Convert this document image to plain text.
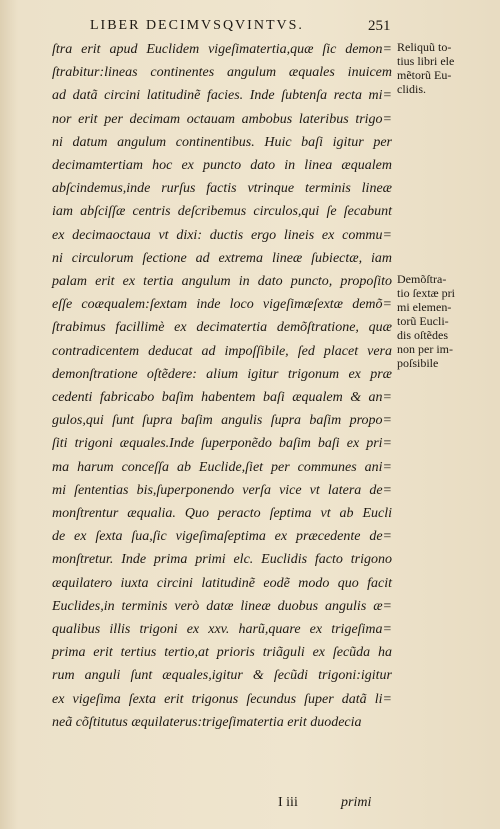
LIBER DECIMVSQVINTVS.	251
ſtra erit apud Euclidem vigeſimatertia,quæ ſic demon=
ſtrabitur:lineas continentes angulum æquales inuicem
ad datã circini latitudinẽ facies. Inde ſubtenſa recta mi=
nor erit per decimam octauam ambobus lateribus trigo=
ni datum angulum continentibus. Huic baſi igitur per
decimamtertiam hoc ex puncto dato in linea æqualem
abſcindemus,inde rurſus factis vtrinque terminis lineæ
iam abſciſſæ centris deſcribemus circulos,qui ſe ſecabunt
ex decimaoctaua vt dixi: ductis ergo lineis ex commu=
ni circulorum ſectione ad extrema lineæ ſubiectæ, iam
palam erit ex tertia angulum in dato puncto, propoſito
eſſe coæqualem:ſextam inde loco vigeſimæſextæ demõ=
ſtrabimus facillimè ex decimatertia demõſtratione, quæ
contradicentem deducat ad impoſſibile, ſed placet vera
demonſtratione oſtẽdere: alium igitur trigonum ex præ
cedenti fabricabo baſim habentem baſi æqualem & an=
gulos,qui ſunt ſupra baſim angulis ſupra baſim propo=
ſiti trigoni æquales.Inde ſuperponẽdo baſim baſi ex pri=
ma harum conceſſa ab Euclide,ſiet per communes ani=
mi ſententias bis,ſuperponendo verſa vice vt latera de=
monſtrentur æqualia. Quo peracto ſeptima vt ab Eucli
de ex ſexta ſua,ſic vigeſimaſeptima ex præcedente de=
monſtretur. Inde prima primi elc. Euclidis facto trigono
æquilatero iuxta circini latitudinẽ eodẽ modo quo facit
Euclides,in terminis verò datæ lineæ duobus angulis æ=
qualibus illis trigoni ex xxv. harũ,quare ex trigeſima=
prima erit tertius tertio,at prioris triãguli ex ſecũda ha
rum anguli ſunt æquales,igitur & ſecũdi trigoni:igitur
ex vigeſima ſexta erit trigonus ſecundus ſuper datã li=
neã cõſtitutus æquilaterus:trigeſimatertia erit duodecia
Reliquũ to-
tius libri ele
mẽtorũ Eu-
clidis.
Demõſtra-
tio ſextæ pri
mi elemen-
torũ Eucli-
dis oſtẽdes
non per im-
poſsibile
I iii	primi
